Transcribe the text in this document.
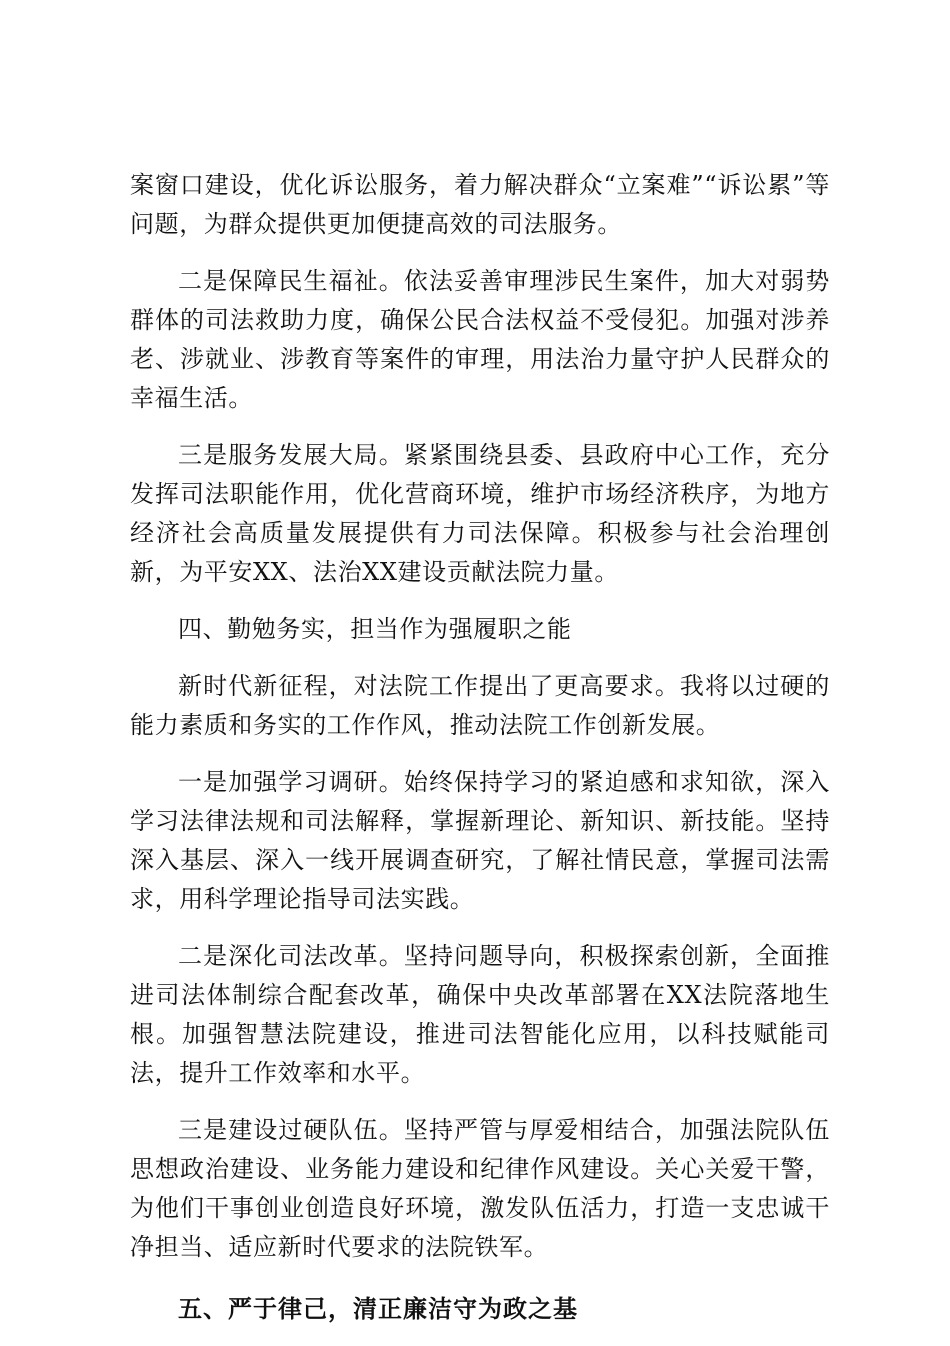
案窗口建设，优化诉讼服务，着力解决群众“立案难”“诉讼累”等问题，为群众提供更加便捷高效的司法服务。

二是保障民生福祉。依法妥善审理涉民生案件，加大对弱势群体的司法救助力度，确保公民合法权益不受侵犯。加强对涉养老、涉就业、涉教育等案件的审理，用法治力量守护人民群众的幸福生活。

三是服务发展大局。紧紧围绕县委、县政府中心工作，充分发挥司法职能作用，优化营商环境，维护市场经济秩序，为地方经济社会高质量发展提供有力司法保障。积极参与社会治理创新，为平安XX、法治XX建设贡献法院力量。

四、勤勉务实，担当作为强履职之能

新时代新征程，对法院工作提出了更高要求。我将以过硬的能力素质和务实的工作作风，推动法院工作创新发展。

一是加强学习调研。始终保持学习的紧迫感和求知欲，深入学习法律法规和司法解释，掌握新理论、新知识、新技能。坚持深入基层、深入一线开展调查研究，了解社情民意，掌握司法需求，用科学理论指导司法实践。

二是深化司法改革。坚持问题导向，积极探索创新，全面推进司法体制综合配套改革，确保中央改革部署在XX法院落地生根。加强智慧法院建设，推进司法智能化应用，以科技赋能司法，提升工作效率和水平。

三是建设过硬队伍。坚持严管与厚爱相结合，加强法院队伍思想政治建设、业务能力建设和纪律作风建设。关心关爱干警，为他们干事创业创造良好环境，激发队伍活力，打造一支忠诚干净担当、适应新时代要求的法院铁军。

五、严于律己，清正廉洁守为政之基
